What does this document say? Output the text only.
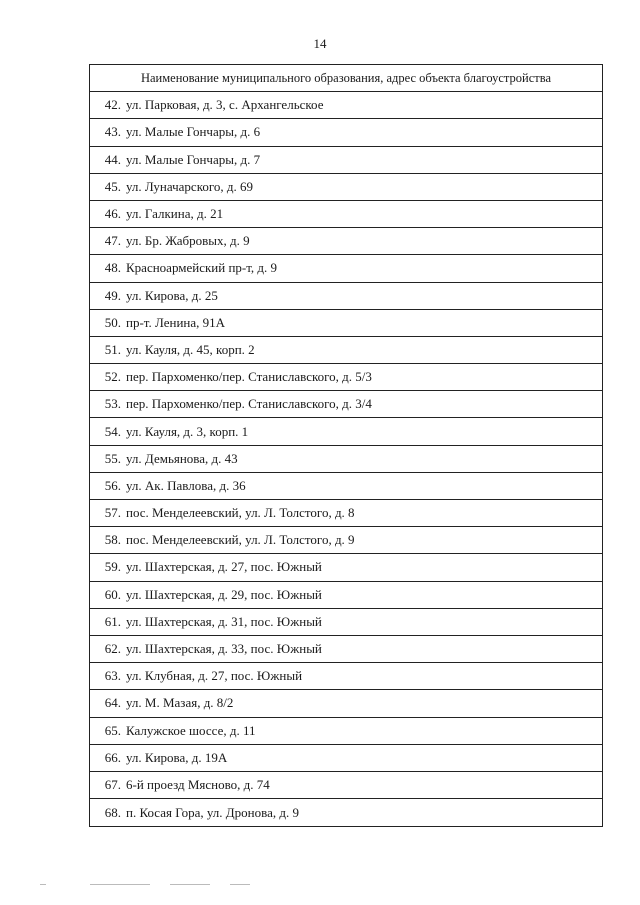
14
Наименование муниципального образования, адрес объекта благоустройства
42. ул. Парковая, д. 3, с. Архангельское
43. ул. Малые Гончары, д. 6
44. ул. Малые Гончары, д. 7
45. ул. Луначарского, д. 69
46. ул. Галкина, д. 21
47. ул. Бр. Жабровых, д. 9
48. Красноармейский пр-т, д. 9
49. ул. Кирова, д. 25
50. пр-т. Ленина, 91А
51. ул. Кауля, д. 45, корп. 2
52. пер. Пархоменко/пер. Станиславского, д. 5/3
53. пер. Пархоменко/пер. Станиславского, д. 3/4
54. ул. Кауля, д. 3, корп. 1
55. ул. Демьянова, д. 43
56. ул. Ак. Павлова, д. 36
57. пос. Менделеевский, ул. Л. Толстого, д. 8
58. пос. Менделеевский, ул. Л. Толстого, д. 9
59. ул. Шахтерская, д. 27, пос. Южный
60. ул. Шахтерская, д. 29, пос. Южный
61. ул. Шахтерская, д. 31, пос. Южный
62. ул. Шахтерская, д. 33, пос. Южный
63. ул. Клубная, д. 27, пос. Южный
64. ул. М. Мазая, д. 8/2
65. Калужское шоссе, д. 11
66. ул. Кирова, д. 19А
67. 6-й проезд Мясново, д. 74
68. п. Косая Гора, ул. Дронова, д. 9
